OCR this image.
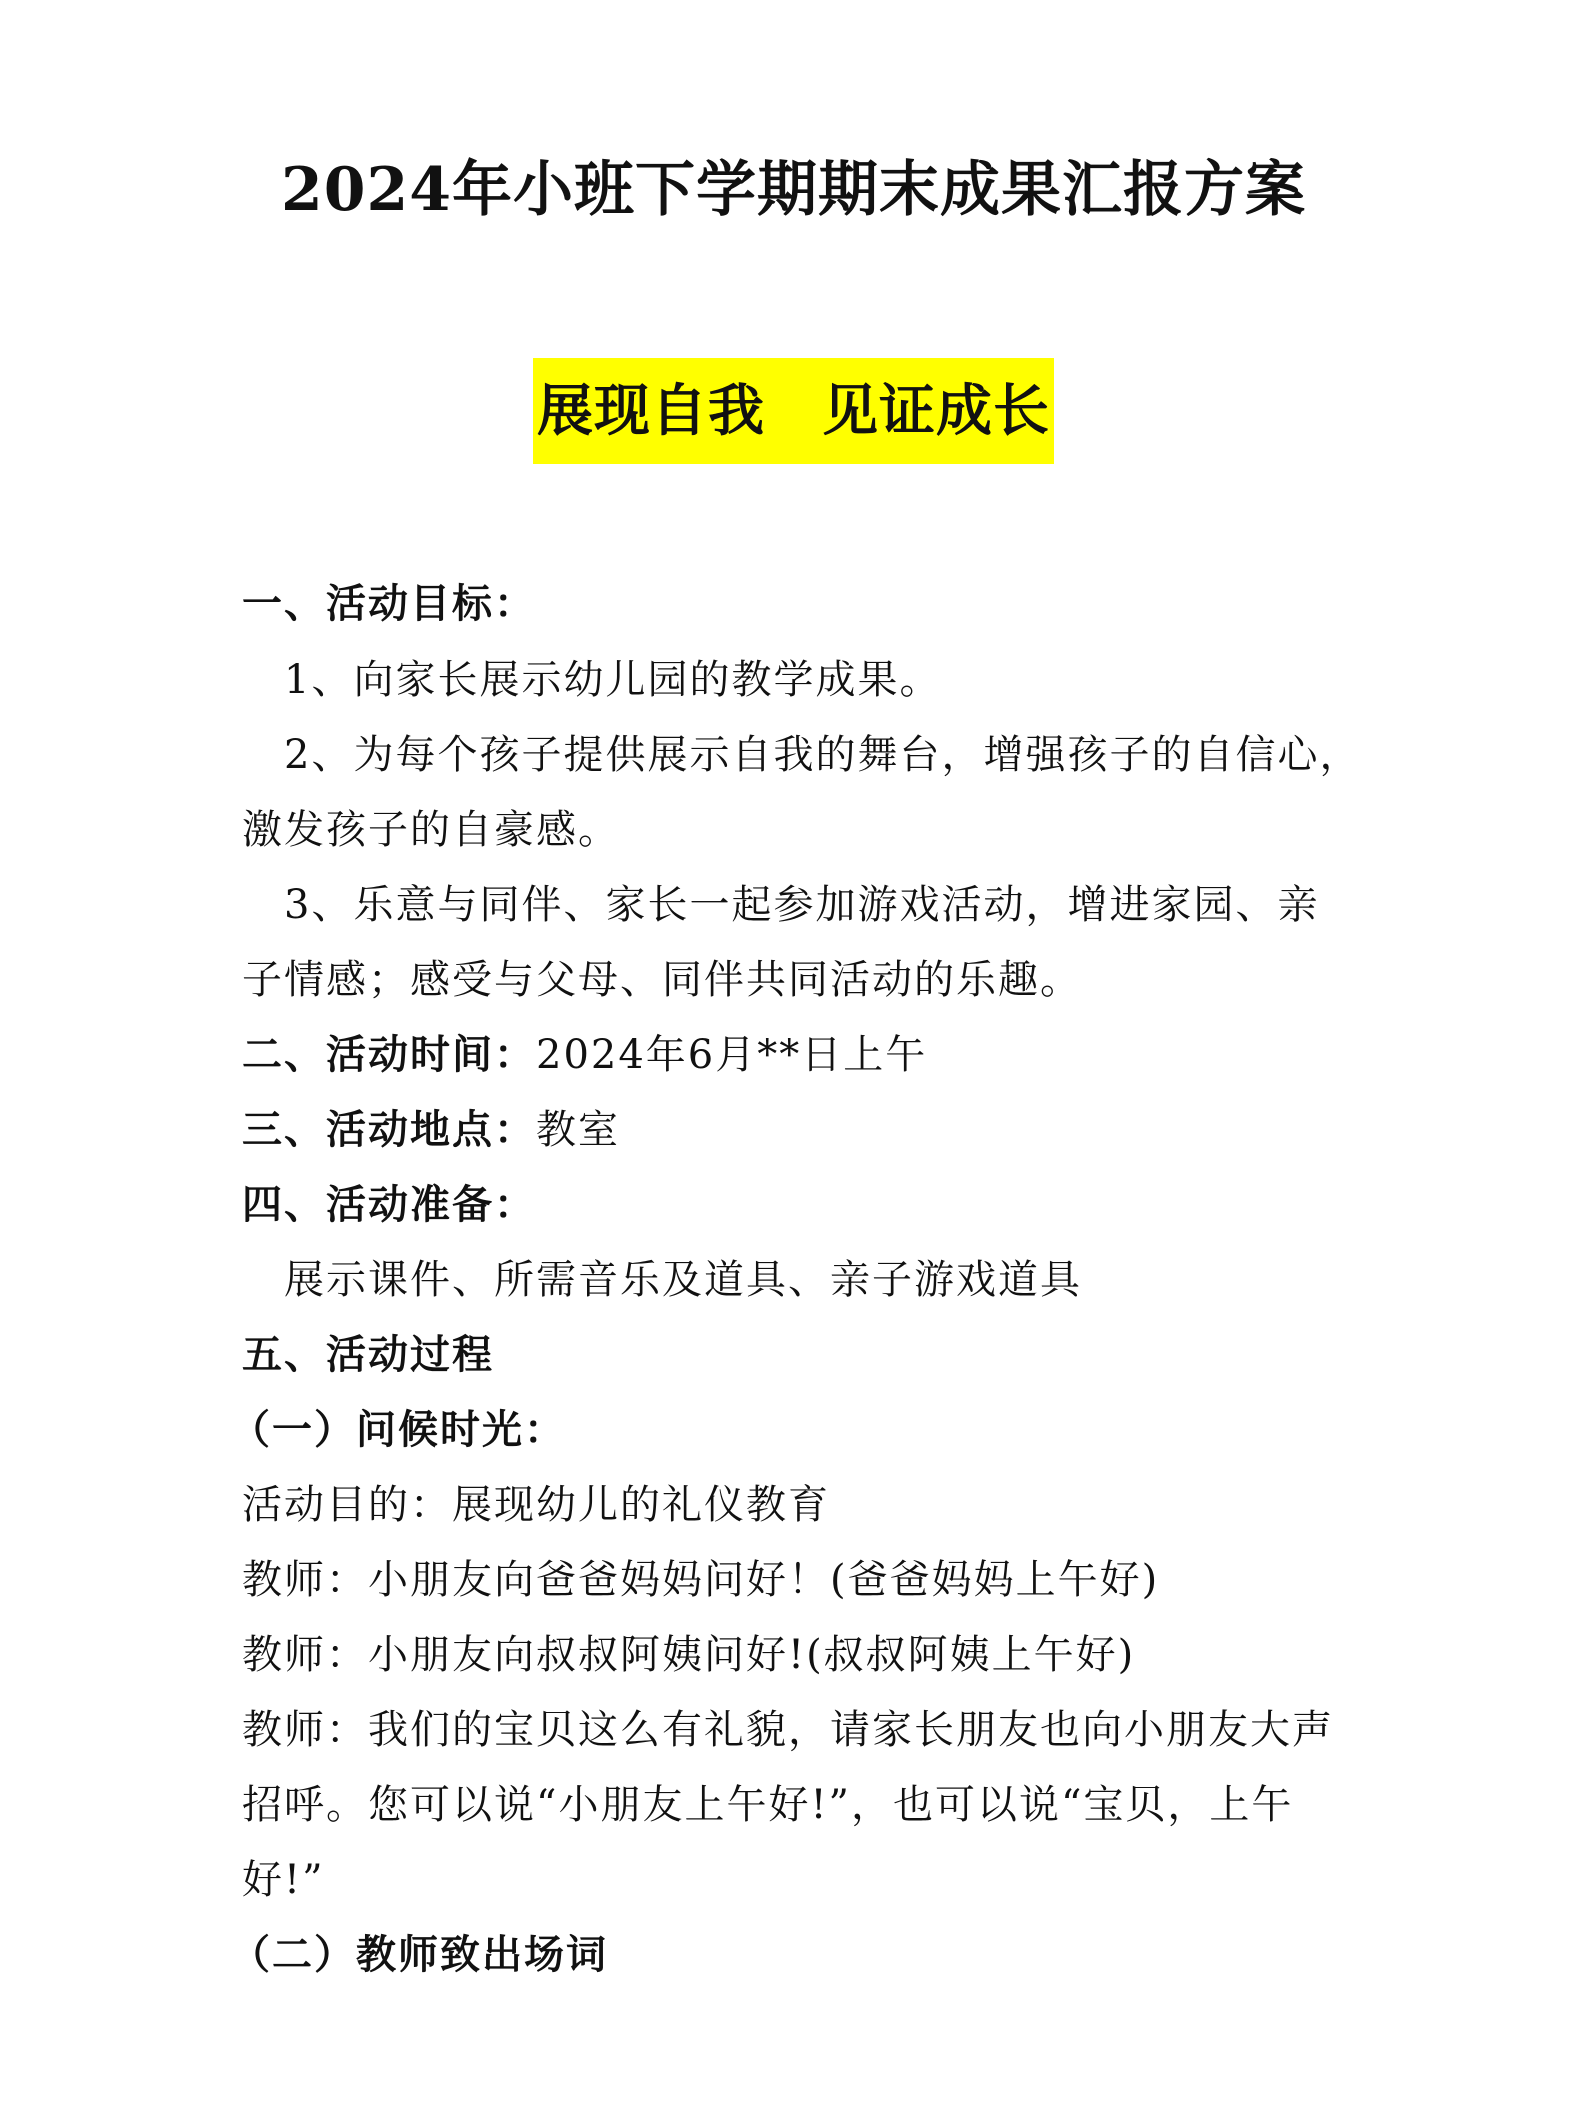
2024年小班下学期期末成果汇报方案
展现自我　见证成长
一、活动目标：
1、向家长展示幼儿园的教学成果。
2、为每个孩子提供展示自我的舞台，增强孩子的自信心，
激发孩子的自豪感。
3、乐意与同伴、家长一起参加游戏活动，增进家园、亲
子情感；感受与父母、同伴共同活动的乐趣。
二、活动时间：2024年6月**日上午
三、活动地点：教室
四、活动准备：
展示课件、所需音乐及道具、亲子游戏道具
五、活动过程
（一）问候时光：
活动目的：展现幼儿的礼仪教育
教师：小朋友向爸爸妈妈问好！(爸爸妈妈上午好)
教师：小朋友向叔叔阿姨问好!(叔叔阿姨上午好)
教师：我们的宝贝这么有礼貌，请家长朋友也向小朋友大声
招呼。您可以说“小朋友上午好!”，也可以说“宝贝，上午
好!”
（二）教师致出场词
